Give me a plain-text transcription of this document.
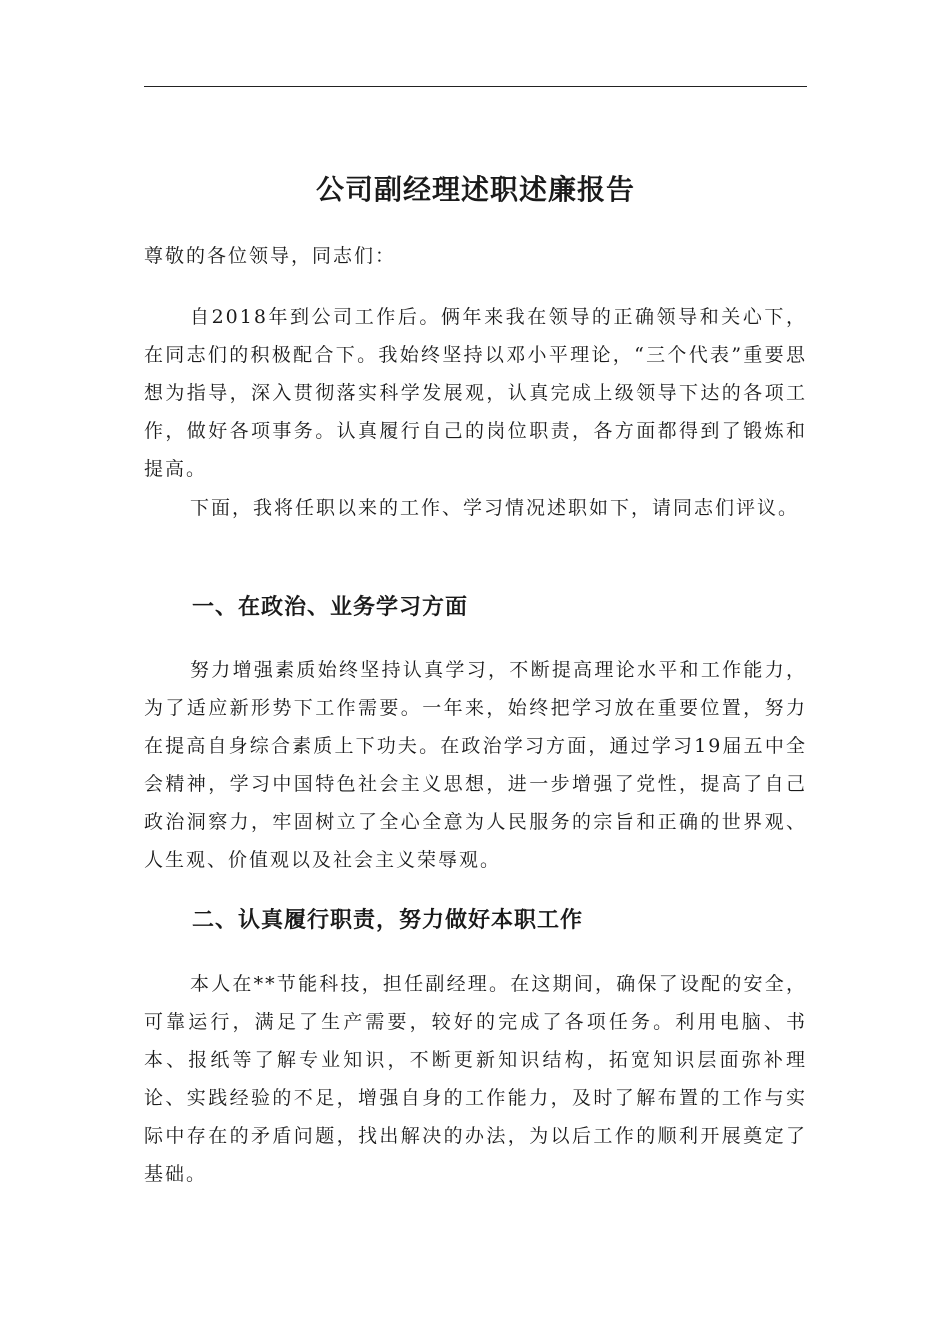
公司副经理述职述廉报告

尊敬的各位领导，同志们：

自2018年到公司工作后。俩年来我在领导的正确领导和关心下，在同志们的积极配合下。我始终坚持以邓小平理论，“三个代表”重要思想为指导，深入贯彻落实科学发展观，认真完成上级领导下达的各项工作，做好各项事务。认真履行自己的岗位职责，各方面都得到了锻炼和提高。

下面，我将任职以来的工作、学习情况述职如下，请同志们评议。

一、在政治、业务学习方面

努力增强素质始终坚持认真学习，不断提高理论水平和工作能力，为了适应新形势下工作需要。一年来，始终把学习放在重要位置，努力在提高自身综合素质上下功夫。在政治学习方面，通过学习19届五中全会精神，学习中国特色社会主义思想，进一步增强了党性，提高了自己政治洞察力，牢固树立了全心全意为人民服务的宗旨和正确的世界观、人生观、价值观以及社会主义荣辱观。

二、认真履行职责，努力做好本职工作

本人在**节能科技，担任副经理。在这期间，确保了设配的安全，可靠运行，满足了生产需要，较好的完成了各项任务。利用电脑、书本、报纸等了解专业知识，不断更新知识结构，拓宽知识层面弥补理论、实践经验的不足，增强自身的工作能力，及时了解布置的工作与实际中存在的矛盾问题，找出解决的办法，为以后工作的顺利开展奠定了基础。
